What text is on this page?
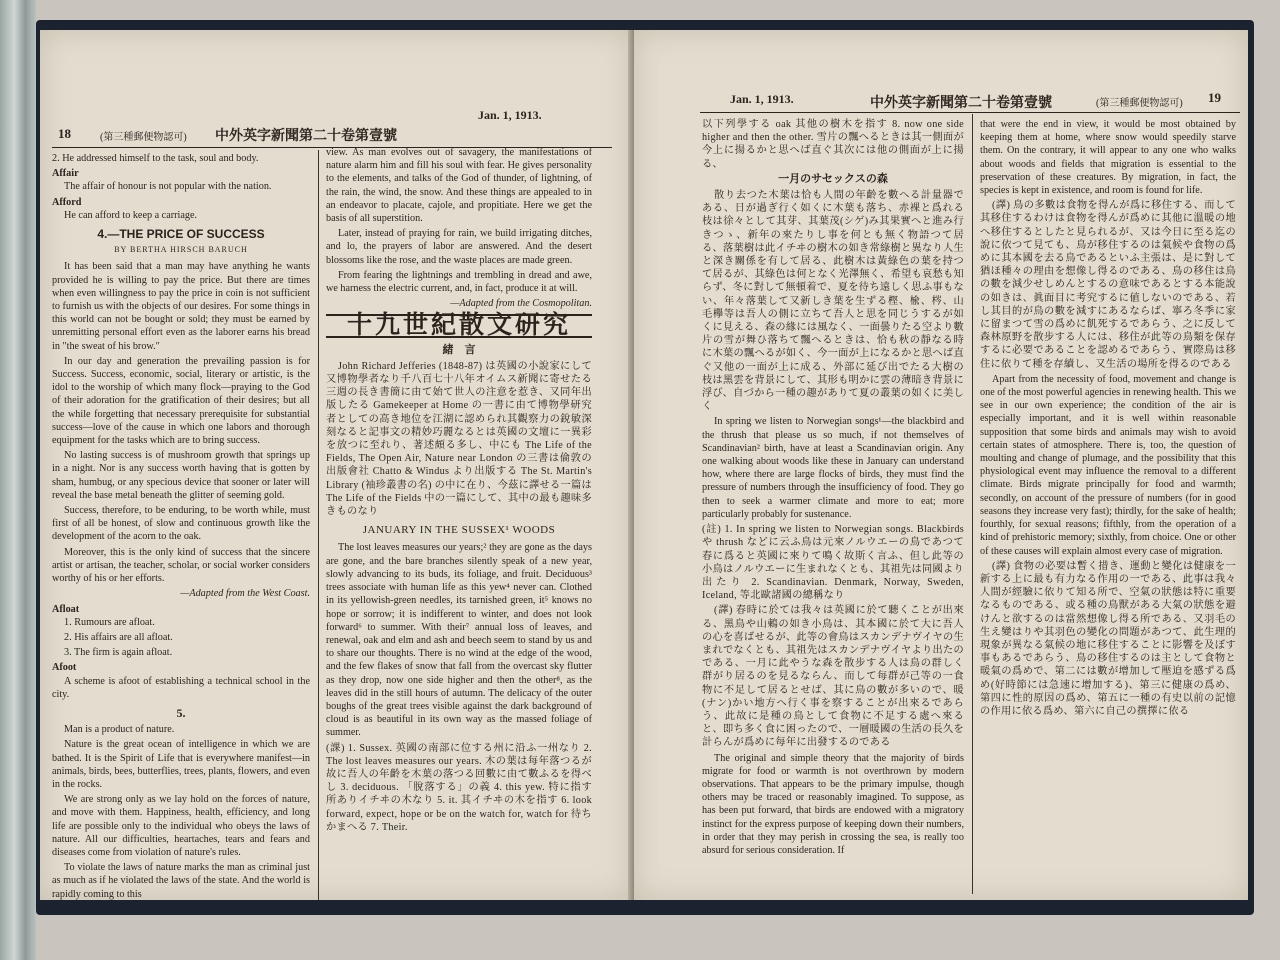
18	(第三種郵便物認可) 中外英字新聞第二十卷第壹號
Jan. 1, 1913.

2. He addressed himself to the task, soul and body.

Affair

The affair of honour is not popular with the nation.

Afford

He can afford to keep a carriage.

4.—THE PRICE OF SUCCESS
BY BERTHA HIRSCH BARUCH

It has been said that a man may have anything he wants provided he is willing to pay the price. But there are times when even willingness to pay the price in coin is not sufficient to furnish us with the objects of our desires. For some things in this world can not be bought or sold; they must be earned by unremitting personal effort even as the laborer earns his bread in "the sweat of his brow."

In our day and generation the prevailing passion is for Success. Success, economic, social, literary or artistic, is the idol to the worship of which many flock—praying to the God of their adoration for the gratification of their desires; but all the while forgetting that necessary prerequisite for substantial success—love of the cause in which one labors and thorough equipment for the tasks which are to bring success.

No lasting success is of mushroom growth that springs up in a night. Nor is any success worth having that is gotten by sham, humbug, or any specious device that sooner or later will reveal the base metal beneath the glitter of seeming gold.

Success, therefore, to be enduring, to be worth while, must first of all be honest, of slow and continuous growth like the development of the acorn to the oak.

Moreover, this is the only kind of success that the sincere artist or artisan, the teacher, scholar, or social worker considers worthy of his or her efforts.

—Adapted from the West Coast.

Afloat

1. Rumours are afloat.

2. His affairs are all afloat.

3. The firm is again afloat.

Afoot

A scheme is afoot of establishing a technical school in the city.

5.

Man is a product of nature.

Nature is the great ocean of intelligence in which we are bathed. It is the Spirit of Life that is everywhere manifest—in animals, birds, bees, butterflies, trees, plants, flowers, and even in the rocks.

We are strong only as we lay hold on the forces of nature, and move with them. Happiness, health, efficiency, and long life are possible only to the individual who obeys the laws of nature. All our difficulties, heartaches, tears and fears and diseases come from violation of nature's rules.

To violate the laws of nature marks the man as criminal just as much as if he violated the laws of the state. And the world is rapidly coming to this

view. As man evolves out of savagery, the manifestations of nature alarm him and fill his soul with fear. He gives personality to the elements, and talks of the God of thunder, of lightning, of the rain, the wind, the snow. And these things are appealed to in an endeavor to placate, cajole, and propitiate. Here we get the basis of all superstition.

Later, instead of praying for rain, we build irrigating ditches, and lo, the prayers of labor are answered. And the desert blossoms like the rose, and the waste places are made green.

From fearing the lightnings and trembling in dread and awe, we harness the electric current, and, in fact, produce it at will.

—Adapted from the Cosmopolitan.

十九世紀散文研究
緒　言

John Richard Jefferies (1848-87) は英國の小說家にして又博物學者なり千八百七十八年オイムス新聞に寄せたる三週の長き書簡に由て始て世人の注意を惹き、又同年出版したる Gamekeeper at Home の一書に由て博物學研究者としての高き地位を江湖に認められ其觀察力の銳敏深刻なると記事文の精妙巧麗なるとは英國の文壇に一異彩を放つに至れり、著述頗る多し、中にも The Life of the Fields, The Open Air, Nature near London の三書は倫敦の出版會社 Chatto & Windus より出版する The St. Martin's Library (袖珍叢書の名) の中に在り、今茲に譯せる一篇は The Life of the Fields 中の一篇にして、其中の最も趣味多きものなり

JANUARY IN THE SUSSEX¹ WOODS

The lost leaves measures our years;² they are gone as the days are gone, and the bare branches silently speak of a new year, slowly advancing to its buds, its foliage, and fruit. Deciduous³ trees associate with human life as this yew⁴ never can. Clothed in its yellowish-green needles, its tarnished green, it⁵ knows no hope or sorrow; it is indifferent to winter, and does not look forward⁶ to summer. With their⁷ annual loss of leaves, and renewal, oak and elm and ash and beech seem to stand by us and to share our thoughts. There is no wind at the edge of the wood, and the few flakes of snow that fall from the overcast sky flutter as they drop, now one side higher and then the other⁸, as the leaves did in the still hours of autumn. The delicacy of the outer boughs of the great trees visible against the dark background of cloud is as beautiful in its own way as the massed foliage of summer.

(課) 1. Sussex. 英國の南部に位する州に沿ふ一州なり 2. The lost leaves measures our years. 木の葉は每年落つるが故に吾人の年齡を木葉の落つる回數に由て數ふるを得べし 3. deciduous. 「脫落する」の義 4. this yew. 特に指す所ありイチヰの木なり 5. it. 其イチヰの木を指す 6. look forward, expect, hope or be on the watch for, watch for 待ちかまへる 7. Their.

Jan. 1, 1913.	中外英字新聞第二十卷第壹號	(第三種郵便物認可) 19

以下列學する oak 其他の樹木を指す 8. now one side higher and then the other. 雪片の飄へるときは其一側面が今上に揚るかと思へば直ぐ其次には他の側面が上に揚る、

一月のサセックスの森

散り去つた木葉は恰も人間の年齡を數へる計量器である、日が過ぎ行く如くに木葉も落ち、赤裸と爲れる枝は徐々として其芽、其葉茂(シゲ)み其果實へと進み行きつゝ、新年の來たりし事を何とも無く物語つて居る、落葉樹は此イチヰの樹木の如き常綠樹と異なり人生と深き關係を有して居る、此樹木は黃綠色の葉を持つて居るが、其綠色は何となく光澤無く、希望も哀愁も知らず、冬に對して無頓着で、夏を待ち遠しく思ふ事もない、年々落葉して又新しき葉を生ずる樫、楡、梣、山毛欅等は吾人の側に立ちて吾人と思を同じうするが如くに見える、森の緣には風なく、一面曇りたる空より數片の雪が舞ひ落ちて飄へるときは、恰も秋の靜なる時に木葉の飄へるが如く、今一面が上になるかと思へば直ぐ又他の一面が上に成る、外部に延び出でたる大樹の枝は黑雲を背景にして、其形も明かに雲の薄暗き背景に浮び、自づから一種の趣がありて夏の叢葉の如くに美しく

In spring we listen to Norwegian songs¹—the blackbird and the thrush that please us so much, if not themselves of Scandinavian² birth, have at least a Scandinavian origin. Any one walking about woods like these in January can understand how, where there are large flocks of birds, they must find the pressure of numbers through the insufficiency of food. They go then to seek a warmer climate and more to eat; more particularly probably for sustenance.

(註) 1. In spring we listen to Norwegian songs. Blackbirds や thrush などに云ふ鳥は元來ノルウエーの鳥であつて春に爲ると英國に來りて鳴く故斯く言ふ、但し此等の小鳥はノルウエーに生まれなくとも、其祖先は同國より出たり 2. Scandinavian. Denmark, Norway, Sweden, Iceland, 等北歐諸國の總稱なり

(譯) 春時に於ては我々は英國に於て聽くことが出來る、黑鳥や山鶇の如き小鳥は、其本國に於て大に吾人の心を喜ばせるが、此等の會鳥はスカンデナヴイヤの生まれでなくとも、其祖先はスカンデナヴイヤより出たのである、一月に此やうな森を散步する人は鳥の群しく群がり居るのを見るならん、而して每群が己等の一食物に不足して居るとせば、其に鳥の數が多いので、暖(ナン)かい地方へ行く事を察することが出來るであらう、此故に是種の鳥として食物に不足する處へ來ると、即ち多く食に困ったので、一層暖國の生活の長久を計らんが爲めに每年に出發するのである

The original and simple theory that the majority of birds migrate for food or warmth is not overthrown by modern observations. That appears to be the primary impulse, though others may be traced or reasonably imagined. To suppose, as has been put forward, that birds are endowed with a migratory instinct for the express purpose of keeping down their numbers, in order that they may perish in crossing the sea, is really too absurd for serious consideration. If

that were the end in view, it would be most obtained by keeping them at home, where snow would speedily starve them. On the contrary, it will appear to any one who walks about woods and fields that migration is essential to the preservation of these creatures. By migration, in fact, the species is kept in existence, and room is found for life.

(譯) 鳥の多數は食物を得んが爲に移住する、而して其移住するわけは食物を得んが爲めに其他に溫暖の地へ移住するとしたと見られるが、又は今日に至る迄の說に依つて見ても、鳥が移住するのは氣候や食物の爲めに其本國を去る鳥であるといふ主張は、是に對して猶ほ種々の理由を想像し得るのである、鳥の移住は鳥の數を減少せしめんとするの意味であるとする本能說の如きは、眞面目に考究するに値しないのである、若し其目的が鳥の數を減すにあるならば、寧ろ冬季に家に留まつて雪の爲めに飢死するであらう、之に反して森林原野を散步する人には、移住が此等の鳥類を保存するに必要であることを認めるであらう、實際鳥は移住に依りて種を存續し、又生活の場所を得るのである

Apart from the necessity of food, movement and change is one of the most powerful agencies in renewing health. This we see in our own experience; the condition of the air is especially important, and it is well within reasonable supposition that some birds and animals may wish to avoid certain states of atmosphere. There is, too, the question of moulting and change of plumage, and the possibility that this physiological event may influence the removal to a different climate. Birds migrate principally for food and warmth; secondly, on account of the pressure of numbers (for in good seasons they increase very fast); thirdly, for the sake of health; fourthly, for sexual reasons; fifthly, from the operation of a kind of prehistoric memory; sixthly, from choice. One or other of these causes will explain almost every case of migration.

(譯) 食物の必要は暫く措き、運動と變化は健康を一新する上に最も有力なる作用の一である、此事は我々人間が經驗に依りて知る所で、空氣の狀態は特に重要なるものである、或る種の鳥獸がある大氣の狀態を避けんと欲するのは當然想像し得る所である、又羽毛の生え變はりや其羽色の變化の問題があつて、此生理的現象が異なる氣候の地に移住することに影響を及ぼす事もあるであらう、鳥の移住するのは主として食物と暖氣の爲めで、第二には數が增加して壓迫を感ずる爲め(好時節には急速に增加する)、第三に健康の爲め、第四に性的原因の爲め、第五に一種の有史以前の記憶の作用に依る爲め、第六に自己の撰擇に依る
